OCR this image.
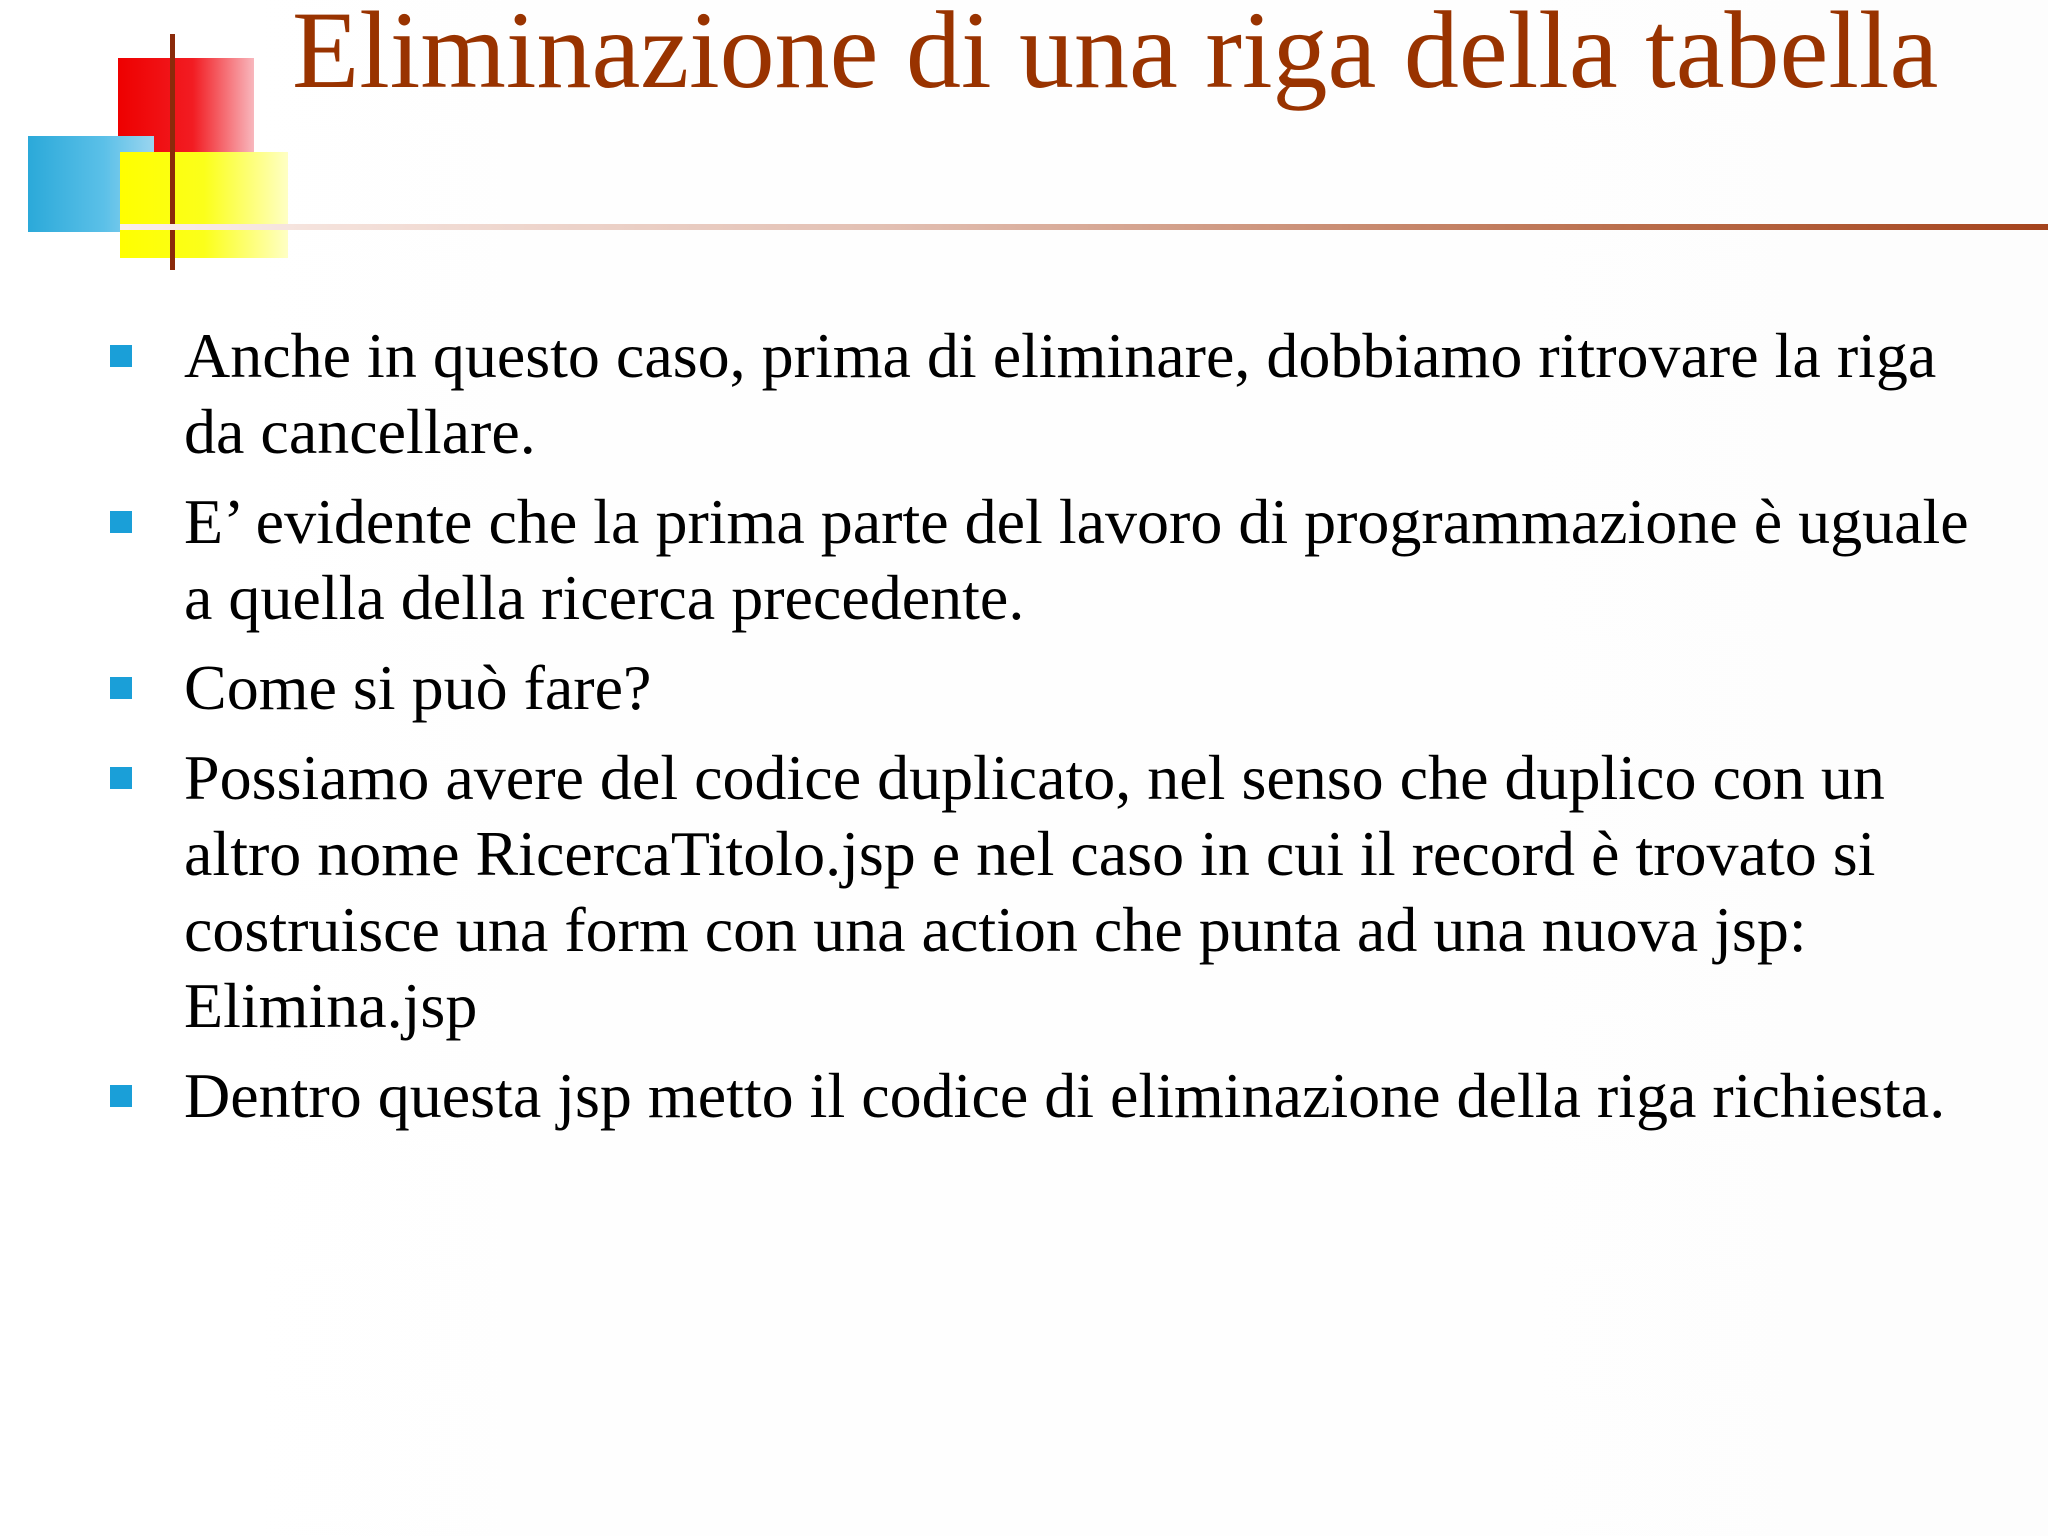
Eliminazione di una riga della tabella
Anche in questo caso, prima di eliminare, dobbiamo ritrovare la riga da cancellare.
E’ evidente che la prima parte del lavoro di programmazione è uguale a quella della ricerca precedente.
Come si può fare?
Possiamo avere del codice duplicato, nel senso che duplico con un altro nome RicercaTitolo.jsp e nel caso in cui il record è trovato si costruisce una form con una action che punta ad una nuova jsp: Elimina.jsp
Dentro questa jsp metto il codice di eliminazione della riga richiesta.
